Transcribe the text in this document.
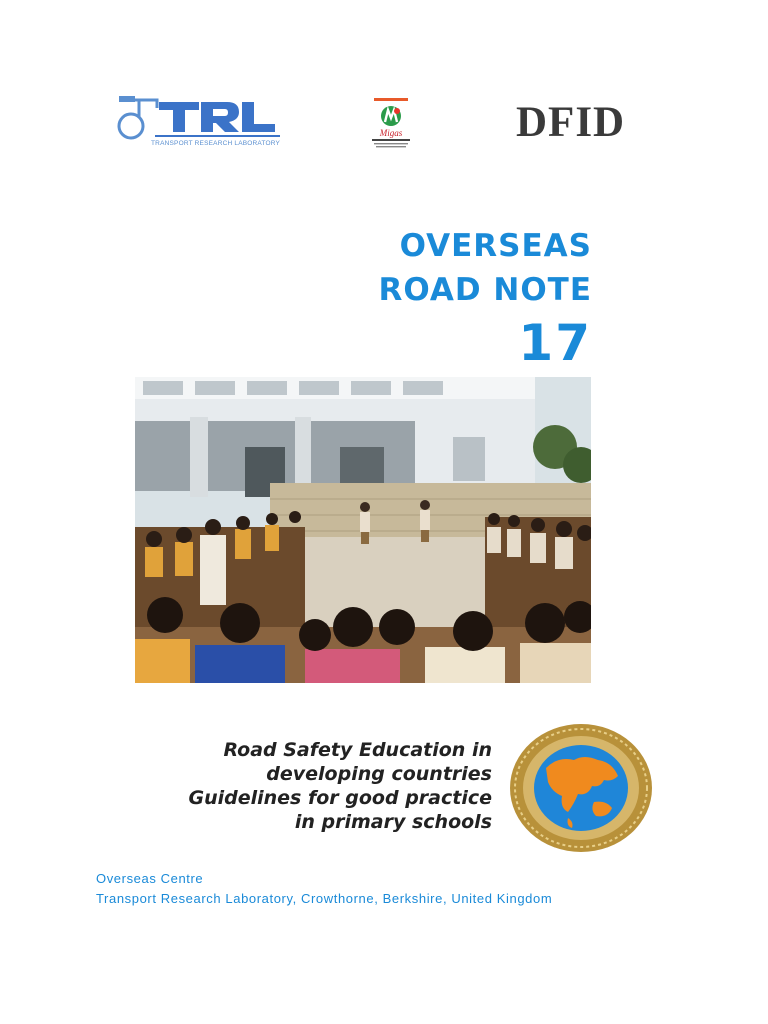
TRANSPORT RESEARCH LABORATORY
Migas	DFID
OVERSEAS
ROAD NOTE
17
Road Safety Education in
developing countries
Guidelines for good practice
in primary schools
Overseas Centre
Transport Research Laboratory, Crowthorne, Berkshire, United Kingdom
